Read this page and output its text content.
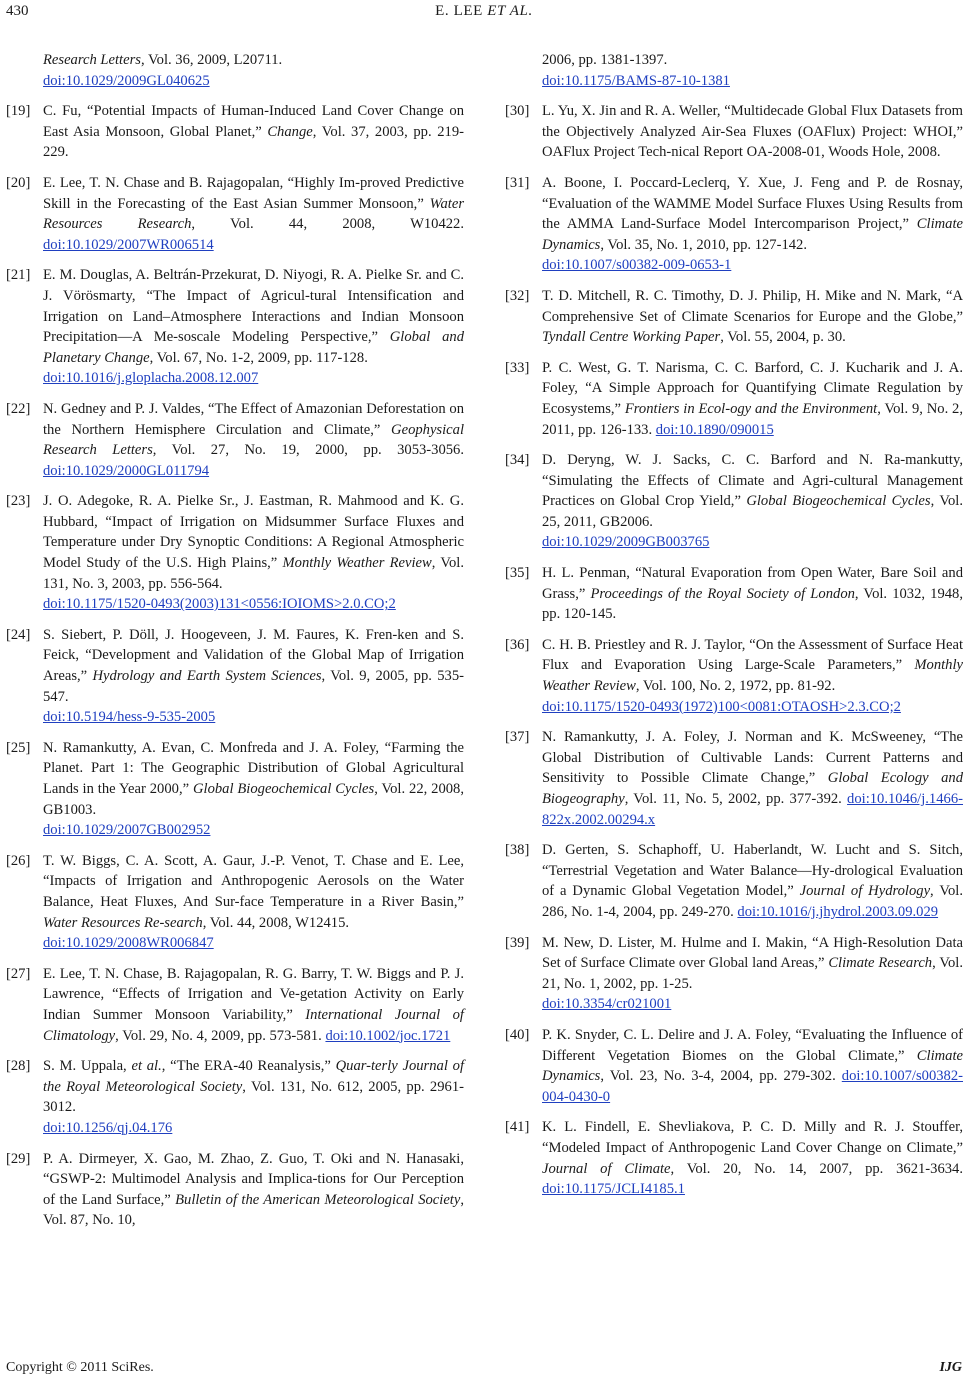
430	E. LEE ET AL.
Research Letters, Vol. 36, 2009, L20711.
doi:10.1029/2009GL040625
[19] C. Fu, “Potential Impacts of Human-Induced Land Cover Change on East Asia Monsoon, Global Planet,” Change, Vol. 37, 2003, pp. 219-229.
[20] E. Lee, T. N. Chase and B. Rajagopalan, “Highly Im-proved Predictive Skill in the Forecasting of the East Asian Summer Monsoon,” Water Resources Research, Vol. 44, 2008, W10422. doi:10.1029/2007WR006514
[21] E. M. Douglas, A. Beltrán-Przekurat, D. Niyogi, R. A. Pielke Sr. and C. J. Vörösmarty, “The Impact of Agricul-tural Intensification and Irrigation on Land–Atmosphere Interactions and Indian Monsoon Precipitation—A Me-soscale Modeling Perspective,” Global and Planetary Change, Vol. 67, No. 1-2, 2009, pp. 117-128.
doi:10.1016/j.gloplacha.2008.12.007
[22] N. Gedney and P. J. Valdes, “The Effect of Amazonian Deforestation on the Northern Hemisphere Circulation and Climate,” Geophysical Research Letters, Vol. 27, No. 19, 2000, pp. 3053-3056. doi:10.1029/2000GL011794
[23] J. O. Adegoke, R. A. Pielke Sr., J. Eastman, R. Mahmood and K. G. Hubbard, “Impact of Irrigation on Midsummer Surface Fluxes and Temperature under Dry Synoptic Conditions: A Regional Atmospheric Model Study of the U.S. High Plains,” Monthly Weather Review, Vol. 131, No. 3, 2003, pp. 556-564.
doi:10.1175/1520-0493(2003)131<0556:IOIOMS>2.0.CO;2
[24] S. Siebert, P. Döll, J. Hoogeveen, J. M. Faures, K. Fren-ken and S. Feick, “Development and Validation of the Global Map of Irrigation Areas,” Hydrology and Earth System Sciences, Vol. 9, 2005, pp. 535-547.
doi:10.5194/hess-9-535-2005
[25] N. Ramankutty, A. Evan, C. Monfreda and J. A. Foley, “Farming the Planet. Part 1: The Geographic Distribution of Global Agricultural Lands in the Year 2000,” Global Biogeochemical Cycles, Vol. 22, 2008, GB1003.
doi:10.1029/2007GB002952
[26] T. W. Biggs, C. A. Scott, A. Gaur, J.-P. Venot, T. Chase and E. Lee, “Impacts of Irrigation and Anthropogenic Aerosols on the Water Balance, Heat Fluxes, And Sur-face Temperature in a River Basin,” Water Resources Re-search, Vol. 44, 2008, W12415.
doi:10.1029/2008WR006847
[27] E. Lee, T. N. Chase, B. Rajagopalan, R. G. Barry, T. W. Biggs and P. J. Lawrence, “Effects of Irrigation and Ve-getation Activity on Early Indian Summer Monsoon Variability,” International Journal of Climatology, Vol. 29, No. 4, 2009, pp. 573-581. doi:10.1002/joc.1721
[28] S. M. Uppala, et al., “The ERA-40 Reanalysis,” Quar-terly Journal of the Royal Meteorological Society, Vol. 131, No. 612, 2005, pp. 2961-3012.
doi:10.1256/qj.04.176
[29] P. A. Dirmeyer, X. Gao, M. Zhao, Z. Guo, T. Oki and N. Hanasaki, “GSWP-2: Multimodel Analysis and Implica-tions for Our Perception of the Land Surface,” Bulletin of the American Meteorological Society, Vol. 87, No. 10,
2006, pp. 1381-1397.
doi:10.1175/BAMS-87-10-1381
[30] L. Yu, X. Jin and R. A. Weller, “Multidecade Global Flux Datasets from the Objectively Analyzed Air-Sea Fluxes (OAFlux) Project: WHOI,” OAFlux Project Tech-nical Report OA-2008-01, Woods Hole, 2008.
[31] A. Boone, I. Poccard-Leclerq, Y. Xue, J. Feng and P. de Rosnay, “Evaluation of the WAMME Model Surface Fluxes Using Results from the AMMA Land-Surface Model Intercomparison Project,” Climate Dynamics, Vol. 35, No. 1, 2010, pp. 127-142.
doi:10.1007/s00382-009-0653-1
[32] T. D. Mitchell, R. C. Timothy, D. J. Philip, H. Mike and N. Mark, “A Comprehensive Set of Climate Scenarios for Europe and the Globe,” Tyndall Centre Working Paper, Vol. 55, 2004, p. 30.
[33] P. C. West, G. T. Narisma, C. C. Barford, C. J. Kucharik and J. A. Foley, “A Simple Approach for Quantifying Climate Regulation by Ecosystems,” Frontiers in Ecol-ogy and the Environment, Vol. 9, No. 2, 2011, pp. 126-133. doi:10.1890/090015
[34] D. Deryng, W. J. Sacks, C. C. Barford and N. Ra-mankutty, “Simulating the Effects of Climate and Agri-cultural Management Practices on Global Crop Yield,” Global Biogeochemical Cycles, Vol. 25, 2011, GB2006.
doi:10.1029/2009GB003765
[35] H. L. Penman, “Natural Evaporation from Open Water, Bare Soil and Grass,” Proceedings of the Royal Society of London, Vol. 1032, 1948, pp. 120-145.
[36] C. H. B. Priestley and R. J. Taylor, “On the Assessment of Surface Heat Flux and Evaporation Using Large-Scale Parameters,” Monthly Weather Review, Vol. 100, No. 2, 1972, pp. 81-92.
doi:10.1175/1520-0493(1972)100<0081:OTAOSH>2.3.CO;2
[37] N. Ramankutty, J. A. Foley, J. Norman and K. McSweeney, “The Global Distribution of Cultivable Lands: Current Patterns and Sensitivity to Possible Climate Change,” Global Ecology and Biogeography, Vol. 11, No. 5, 2002, pp. 377-392. doi:10.1046/j.1466-822x.2002.00294.x
[38] D. Gerten, S. Schaphoff, U. Haberlandt, W. Lucht and S. Sitch, “Terrestrial Vegetation and Water Balance—Hy-drological Evaluation of a Dynamic Global Vegetation Model,” Journal of Hydrology, Vol. 286, No. 1-4, 2004, pp. 249-270. doi:10.1016/j.jhydrol.2003.09.029
[39] M. New, D. Lister, M. Hulme and I. Makin, “A High-Resolution Data Set of Surface Climate over Global land Areas,” Climate Research, Vol. 21, No. 1, 2002, pp. 1-25.
doi:10.3354/cr021001
[40] P. K. Snyder, C. L. Delire and J. A. Foley, “Evaluating the Influence of Different Vegetation Biomes on the Global Climate,” Climate Dynamics, Vol. 23, No. 3-4, 2004, pp. 279-302. doi:10.1007/s00382-004-0430-0
[41] K. L. Findell, E. Shevliakova, P. C. D. Milly and R. J. Stouffer, “Modeled Impact of Anthropogenic Land Cover Change on Climate,” Journal of Climate, Vol. 20, No. 14, 2007, pp. 3621-3634. doi:10.1175/JCLI4185.1
Copyright © 2011 SciRes.	IJG
